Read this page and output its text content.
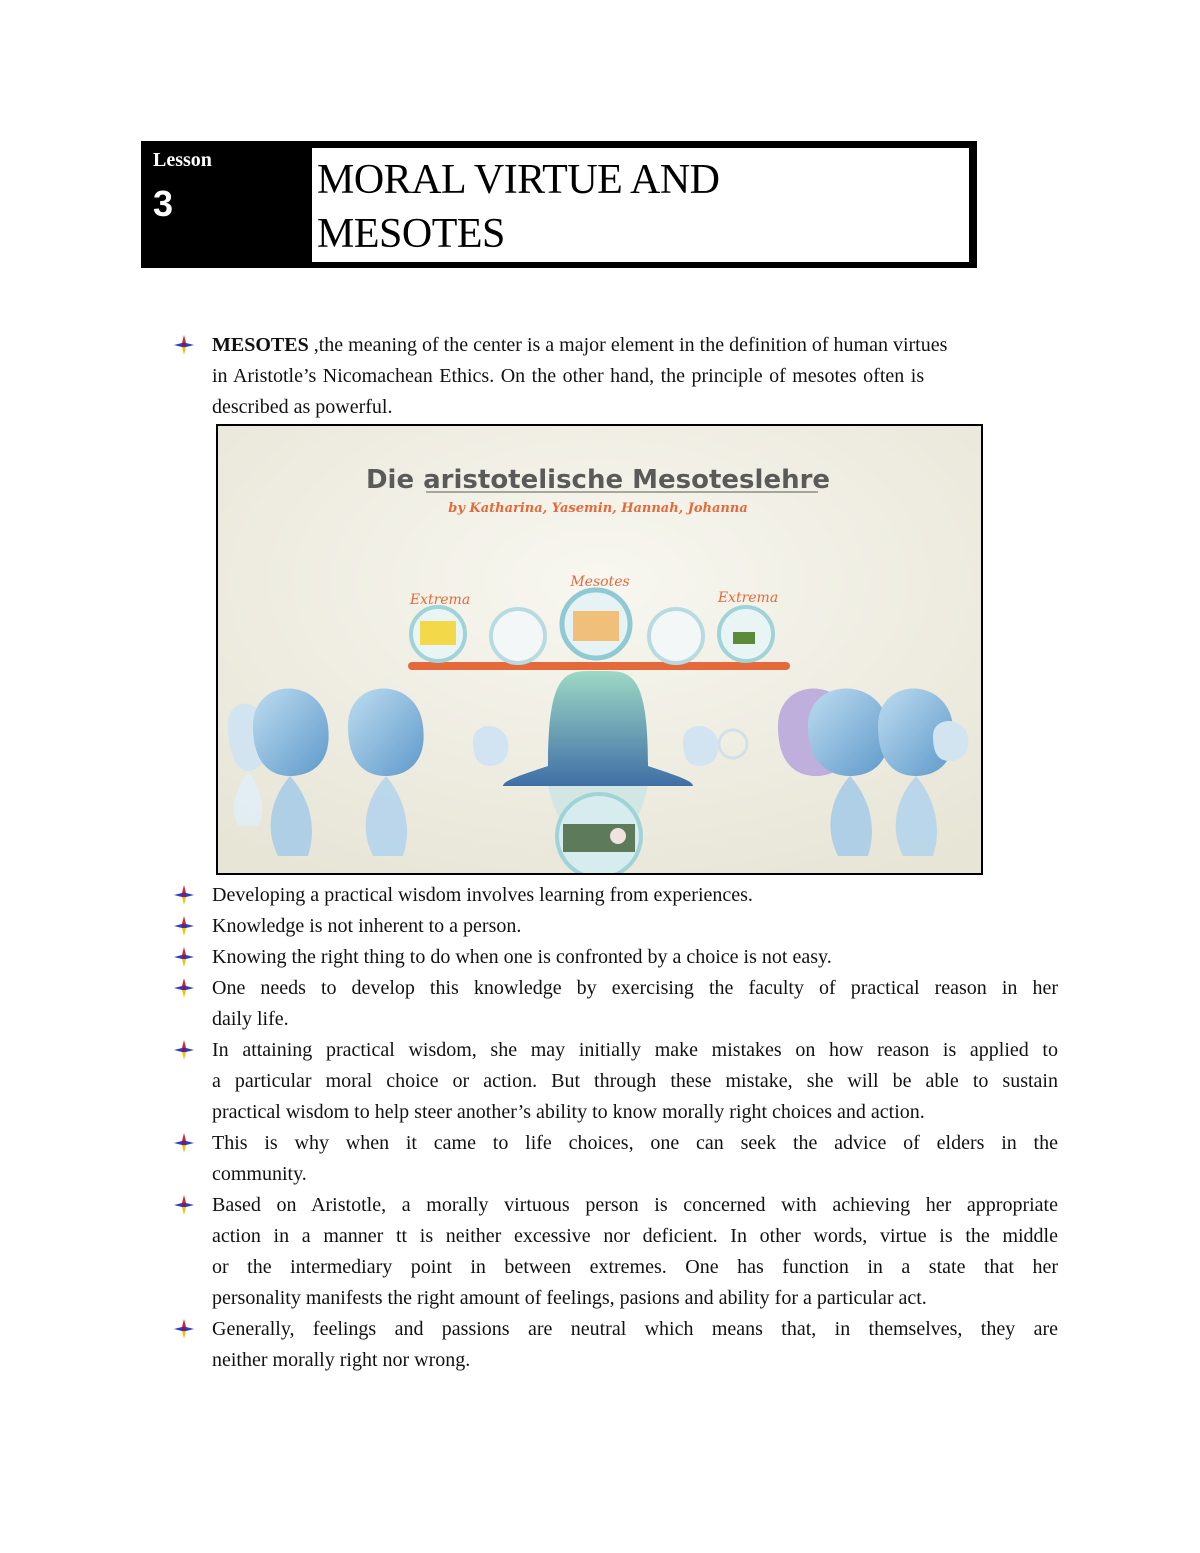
Lesson
3
MORAL VIRTUE AND
MESOTES
MESOTES ,the meaning of the center is a major element in the definition of human virtues
in Aristotle’s Nicomachean Ethics. On the other hand, the principle of mesotes often is
described as powerful.
Die aristotelische Mesoteslehre
by Katharina, Yasemin, Hannah, Johanna
Mesotes
Extrema	Extrema
Developing a practical wisdom involves learning from experiences.
Knowledge is not inherent to a person.
Knowing the right thing to do when one is confronted by a choice is not easy.
One needs to develop this knowledge by exercising the faculty of practical reason in her
daily life.
In attaining practical wisdom, she may initially make mistakes on how reason is applied to
a particular moral choice or action. But through these mistake, she will be able to sustain
practical wisdom to help steer another’s ability to know morally right choices and action.
This is why when it came to life choices, one can seek the advice of elders in the
community.
Based on Aristotle, a morally virtuous person is concerned with achieving her appropriate
action in a manner tt is neither excessive nor deficient. In other words, virtue is the middle
or the intermediary point in between extremes. One has function in a state that her
personality manifests the right amount of feelings, pasions and ability for a particular act.
Generally, feelings and passions are neutral which means that, in themselves, they are
neither morally right nor wrong.
